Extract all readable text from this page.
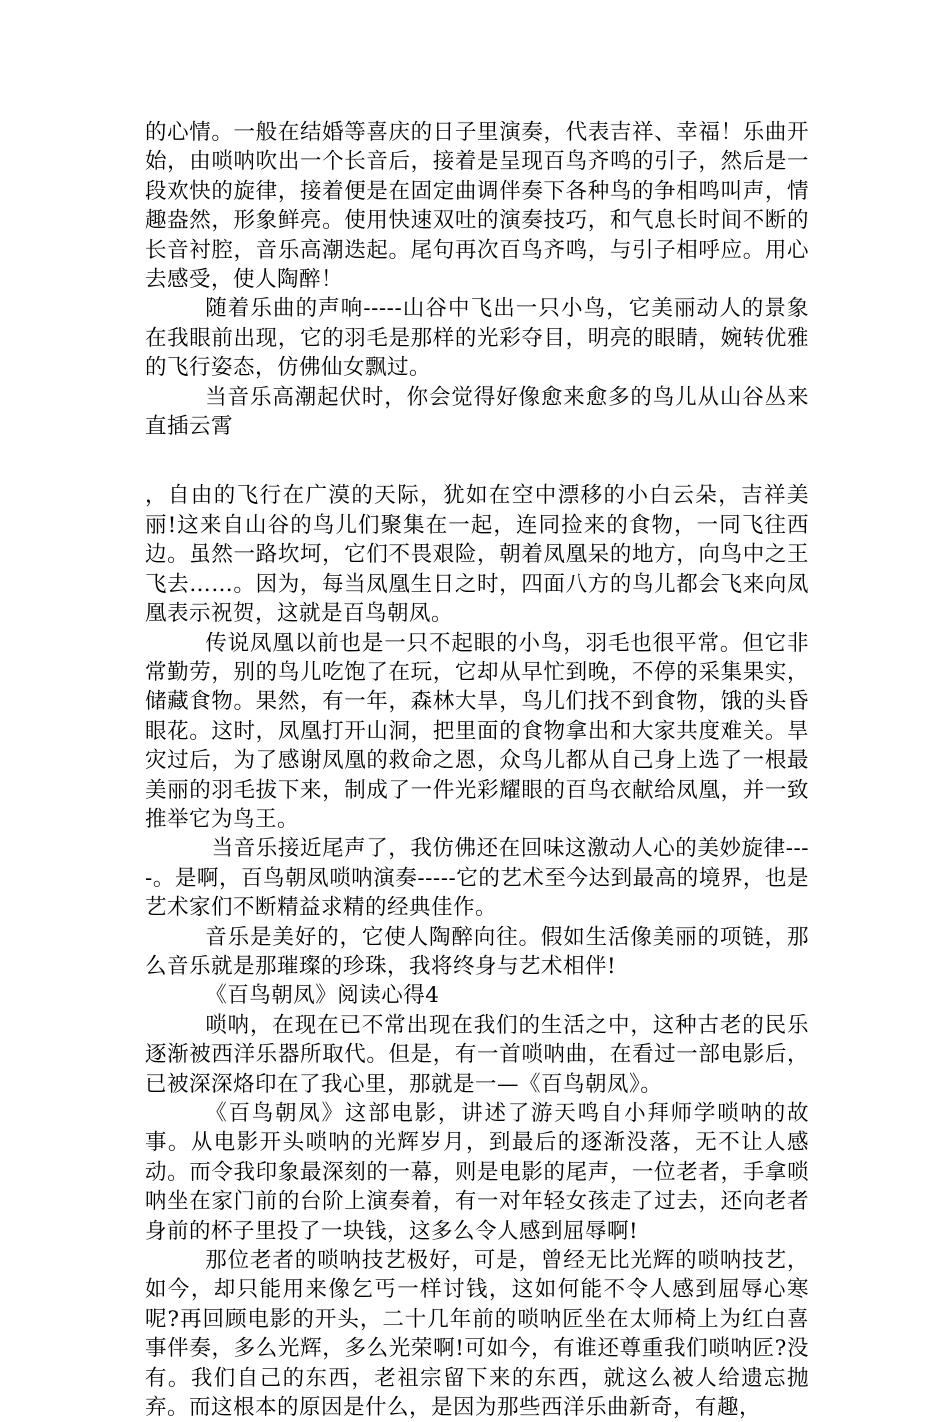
的心情。一般在结婚等喜庆的日子里演奏，代表吉祥、幸福！乐曲开始，由唢呐吹出一个长音后，接着是呈现百鸟齐鸣的引子，然后是一段欢快的旋律，接着便是在固定曲调伴奏下各种鸟的争相鸣叫声，情趣盎然，形象鲜亮。使用快速双吐的演奏技巧，和气息长时间不断的长音衬腔，音乐高潮迭起。尾句再次百鸟齐鸣，与引子相呼应。用心去感受，使人陶醉！

随着乐曲的声响-----山谷中飞出一只小鸟，它美丽动人的景象在我眼前出现，它的羽毛是那样的光彩夺目，明亮的眼睛，婉转优雅的飞行姿态，仿佛仙女飘过。

当音乐高潮起伏时，你会觉得好像愈来愈多的鸟儿从山谷丛来直插云霄

，自由的飞行在广漠的天际，犹如在空中漂移的小白云朵，吉祥美丽!这来自山谷的鸟儿们聚集在一起，连同捡来的食物，一同飞往西边。虽然一路坎坷，它们不畏艰险，朝着凤凰呆的地方，向鸟中之王飞去……。因为，每当凤凰生日之时，四面八方的鸟儿都会飞来向凤凰表示祝贺，这就是百鸟朝凤。

传说凤凰以前也是一只不起眼的小鸟，羽毛也很平常。但它非常勤劳，别的鸟儿吃饱了在玩，它却从早忙到晚，不停的采集果实，储藏食物。果然，有一年，森林大旱，鸟儿们找不到食物，饿的头昏眼花。这时，凤凰打开山洞，把里面的食物拿出和大家共度难关。旱灾过后，为了感谢凤凰的救命之恩，众鸟儿都从自己身上选了一根最美丽的羽毛拔下来，制成了一件光彩耀眼的百鸟衣献给凤凰，并一致推举它为鸟王。

当音乐接近尾声了，我仿佛还在回味这激动人心的美妙旋律----。是啊，百鸟朝凤唢呐演奏-----它的艺术至今达到最高的境界，也是艺术家们不断精益求精的经典佳作。

音乐是美好的，它使人陶醉向往。假如生活像美丽的项链，那么音乐就是那璀璨的珍珠，我将终身与艺术相伴!

《百鸟朝凤》阅读心得4

唢呐，在现在已不常出现在我们的生活之中，这种古老的民乐逐渐被西洋乐器所取代。但是，有一首唢呐曲，在看过一部电影后，已被深深烙印在了我心里，那就是一—《百鸟朝凤》。

《百鸟朝凤》这部电影，讲述了游天鸣自小拜师学唢呐的故事。从电影开头唢呐的光辉岁月，到最后的逐渐没落，无不让人感动。而令我印象最深刻的一幕，则是电影的尾声，一位老者，手拿唢呐坐在家门前的台阶上演奏着，有一对年轻女孩走了过去，还向老者身前的杯子里投了一块钱，这多么令人感到屈辱啊!

那位老者的唢呐技艺极好，可是，曾经无比光辉的唢呐技艺，如今，却只能用来像乞丐一样讨钱，这如何能不令人感到屈辱心寒呢?再回顾电影的开头，二十几年前的唢呐匠坐在太师椅上为红白喜事伴奏，多么光辉，多么光荣啊!可如今，有谁还尊重我们唢呐匠?没有。我们自己的东西，老祖宗留下来的东西，就这么被人给遗忘抛弃。而这根本的原因是什么，是因为那些西洋乐曲新奇，有趣，
